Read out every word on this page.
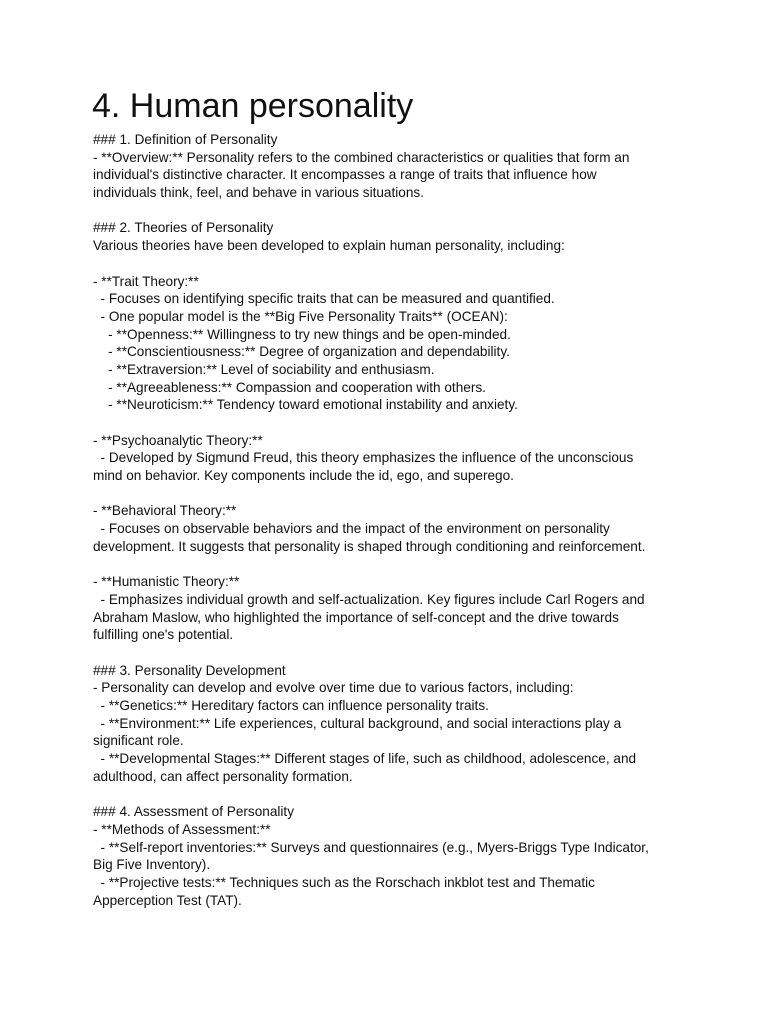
4. Human personality
### 1. Definition of Personality
- **Overview:** Personality refers to the combined characteristics or qualities that form an
individual's distinctive character. It encompasses a range of traits that influence how
individuals think, feel, and behave in various situations.

### 2. Theories of Personality
Various theories have been developed to explain human personality, including:

- **Trait Theory:**
- Focuses on identifying specific traits that can be measured and quantified.
- One popular model is the **Big Five Personality Traits** (OCEAN):
- **Openness:** Willingness to try new things and be open-minded.
- **Conscientiousness:** Degree of organization and dependability.
- **Extraversion:** Level of sociability and enthusiasm.
- **Agreeableness:** Compassion and cooperation with others.
- **Neuroticism:** Tendency toward emotional instability and anxiety.

- **Psychoanalytic Theory:**
- Developed by Sigmund Freud, this theory emphasizes the influence of the unconscious
mind on behavior. Key components include the id, ego, and superego.

- **Behavioral Theory:**
- Focuses on observable behaviors and the impact of the environment on personality
development. It suggests that personality is shaped through conditioning and reinforcement.

- **Humanistic Theory:**
- Emphasizes individual growth and self-actualization. Key figures include Carl Rogers and
Abraham Maslow, who highlighted the importance of self-concept and the drive towards
fulfilling one's potential.

### 3. Personality Development
- Personality can develop and evolve over time due to various factors, including:
- **Genetics:** Hereditary factors can influence personality traits.
- **Environment:** Life experiences, cultural background, and social interactions play a
significant role.
- **Developmental Stages:** Different stages of life, such as childhood, adolescence, and
adulthood, can affect personality formation.

### 4. Assessment of Personality
- **Methods of Assessment:**
- **Self-report inventories:** Surveys and questionnaires (e.g., Myers-Briggs Type Indicator,
Big Five Inventory).
- **Projective tests:** Techniques such as the Rorschach inkblot test and Thematic
Apperception Test (TAT).
